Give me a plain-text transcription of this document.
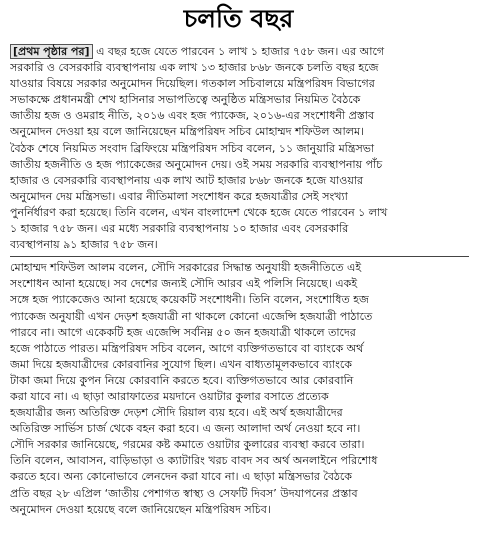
চলতি বছর
[প্রথম পৃষ্ঠার পর] এ বছর হজে যেতে পারবেন ১ লাখ ১ হাজার ৭৫৮ জন। এর আগে
সরকারি ও বেসরকারি ব্যবস্থাপনায় এক লাখ ১৩ হাজার ৮৬৮ জনকে চলতি বছর হজে
যাওয়ার বিষয়ে সরকার অনুমোদন দিয়েছিল। গতকাল সচিবালয়ে মন্ত্রিপরিষদ বিভাগের
সভাকক্ষে প্রধানমন্ত্রী শেখ হাসিনার সভাপতিত্বে অনুষ্ঠিত মন্ত্রিসভার নিয়মিত বৈঠকে
জাতীয় হজ ও ওমরাহ নীতি, ২০১৬ এবং হজ প্যাকেজ, ২০১৬-এর সংশোধনী প্রস্তাব
অনুমোদন দেওয়া হয় বলে জানিয়েছেন মন্ত্রিপরিষদ সচিব মোহাম্মদ শফিউল আলম।
বৈঠক শেষে নিয়মিত সংবাদ ব্রিফিংয়ে মন্ত্রিপরিষদ সচিব বলেন, ১১ জানুয়ারি মন্ত্রিসভা
জাতীয় হজনীতি ও হজ প্যাকেজের অনুমোদন দেয়। ওই সময় সরকারি ব্যবস্থাপনায় পাঁচ
হাজার ও বেসরকারি ব্যবস্থাপনায় এক লাখ আট হাজার ৮৬৮ জনকে হজে যাওয়ার
অনুমোদন দেয় মন্ত্রিসভা। এবার নীতিমালা সংশোধন করে হজযাত্রীর সেই সংখ্যা
পুনর্নির্ধারণ করা হয়েছে। তিনি বলেন, এখন বাংলাদেশ থেকে হজে যেতে পারবেন ১ লাখ
১ হাজার ৭৫৮ জন। এর মধ্যে সরকারি ব্যবস্থাপনায় ১০ হাজার এবং বেসরকারি
ব্যবস্থাপনায় ৯১ হাজার ৭৫৮ জন।
মোহাম্মদ শফিউল আলম বলেন, সৌদি সরকারের সিদ্ধান্ত অনুযায়ী হজনীতিতে এই
সংশোধন আনা হয়েছে। সব দেশের জন্যই সৌদি আরব এই পলিসি নিয়েছে। একই
সঙ্গে হজ প্যাকেজেও আনা হয়েছে কয়েকটি সংশোধনী। তিনি বলেন, সংশোধিত হজ
প্যাকেজ অনুযায়ী এখন দেড়শ হজযাত্রী না থাকলে কোনো এজেন্সি হজযাত্রী পাঠাতে
পারবে না। আগে একেকটি হজ এজেন্সি সর্বনিম্ন ৫০ জন হজযাত্রী থাকলে তাদের
হজে পাঠাতে পারত। মন্ত্রিপরিষদ সচিব বলেন, আগে ব্যক্তিগতভাবে বা ব্যাংকে অর্থ
জমা দিয়ে হজযাত্রীদের কোরবানির সুযোগ ছিল। এখন বাধ্যতামূলকভাবে ব্যাংকে
টাকা জমা দিয়ে কুপন নিয়ে কোরবানি করতে হবে। ব্যক্তিগতভাবে আর কোরবানি
করা যাবে না। এ ছাড়া আরাফাতের ময়দানে ওয়াটার কুলার বসাতে প্রত্যেক
হজযাত্রীর জন্য অতিরিক্ত দেড়শ সৌদি রিয়াল ব্যয় হবে। এই অর্থ হজযাত্রীদের
অতিরিক্ত সার্ভিস চার্জ থেকে বহন করা হবে। এ জন্য আলাদা অর্থ নেওয়া হবে না।
সৌদি সরকার জানিয়েছে, গরমের কষ্ট কমাতে ওয়াটার কুলারের ব্যবস্থা করবে তারা।
তিনি বলেন, আবাসন, বাড়িভাড়া ও ক্যাটারিং খরচ বাবদ সব অর্থ অনলাইনে পরিশোধ
করতে হবে। অন্য কোনোভাবে লেনদেন করা যাবে না। এ ছাড়া মন্ত্রিসভার বৈঠকে
প্রতি বছর ২৮ এপ্রিল ‘জাতীয় পেশাগত স্বাস্থ্য ও সেফটি দিবস’ উদযাপনের প্রস্তাব
অনুমোদন দেওয়া হয়েছে বলে জানিয়েছেন মন্ত্রিপরিষদ সচিব।
